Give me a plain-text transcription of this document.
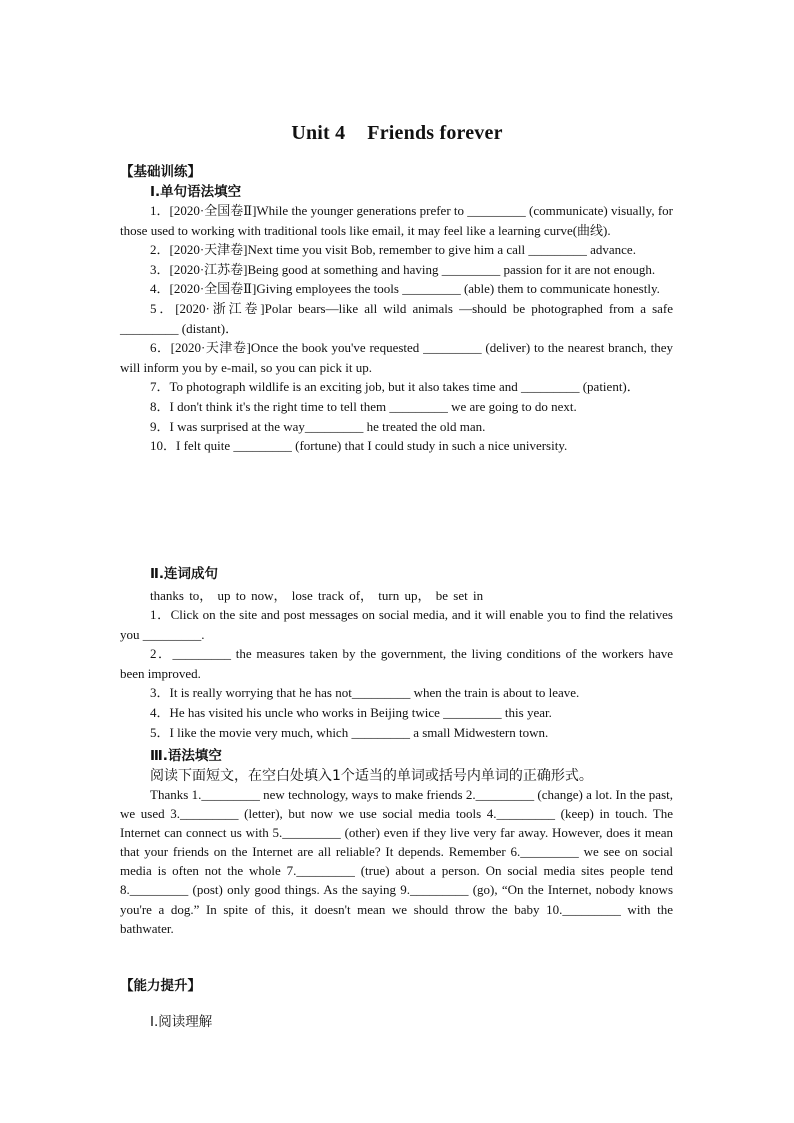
Unit 4 Friends forever
【基础训练】
Ⅰ.单句语法填空

1．[2020·全国卷Ⅱ]While the younger generations prefer to _________ (communicate) visually, for those used to working with traditional tools like email, it may feel like a learning curve(曲线).

2．[2020·天津卷]Next time you visit Bob, remember to give him a call _________ advance.

3．[2020·江苏卷]Being good at something and having _________ passion for it are not enough.

4．[2020·全国卷Ⅱ]Giving employees the tools _________ (able) them to communicate honestly.

5．[2020·浙江卷]Polar bears—like all wild animals —should be photographed from a safe _________ (distant)．

6．[2020·天津卷]Once the book you've requested _________ (deliver) to the nearest branch, they will inform you by e-mail, so you can pick it up.

7．To photograph wildlife is an exciting job, but it also takes time and _________ (patient)．

8．I don't think it's the right time to tell them _________ we are going to do next.

9．I was surprised at the way_________ he treated the old man.

10．I felt quite _________ (fortune) that I could study in such a nice university.

Ⅱ.连词成句
thanks to， up to now， lose track of， turn up， be set in

1．Click on the site and post messages on social media, and it will enable you to find the relatives you _________.

2．_________ the measures taken by the government, the living conditions of the workers have been improved.

3．It is really worrying that he has not_________ when the train is about to leave.

4．He has visited his uncle who works in Beijing twice _________ this year.

5．I like the movie very much, which _________ a small Midwestern town.

Ⅲ.语法填空
阅读下面短文，在空白处填入1个适当的单词或括号内单词的正确形式。

Thanks 1._________ new technology, ways to make friends 2._________ (change) a lot. In the past, we used 3._________ (letter), but now we use social media tools 4._________ (keep) in touch. The Internet can connect us with 5._________ (other) even if they live very far away. However, does it mean that your friends on the Internet are all reliable? It depends. Remember 6._________ we see on social media is often not the whole 7._________ (true) about a person. On social media sites people tend 8._________ (post) only good things. As the saying 9._________ (go), “On the Internet, nobody knows you're a dog.” In spite of this, it doesn't mean we should throw the baby 10._________ with the bathwater.

【能力提升】
Ⅰ.阅读理解
